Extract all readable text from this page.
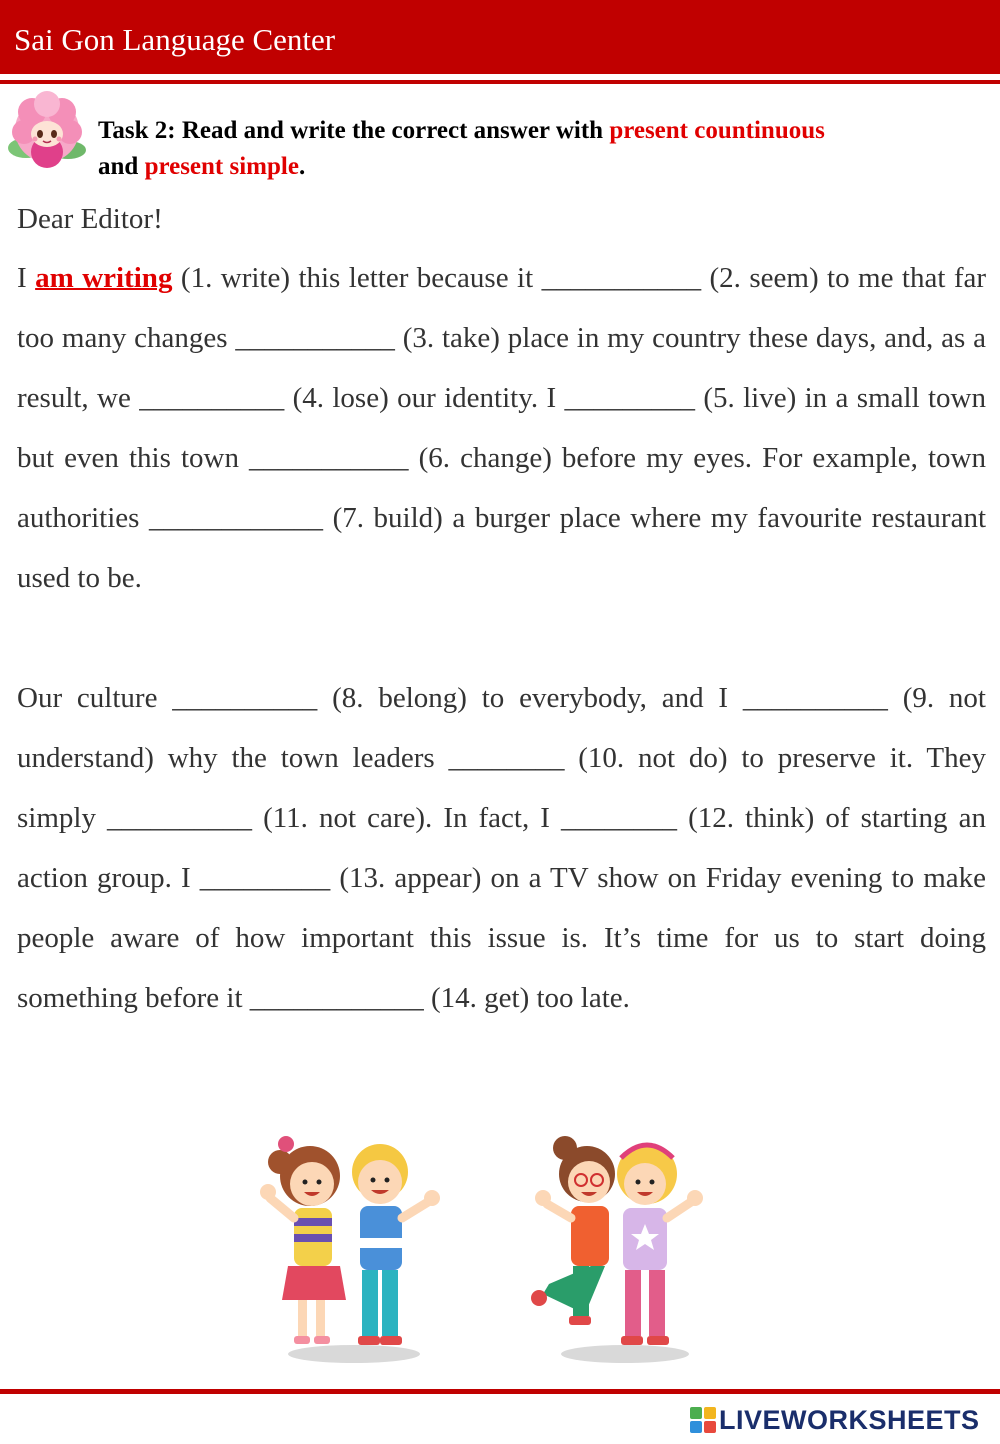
Sai Gon Language Center
Task 2: Read and write the correct answer with present countinuous and present simple.
Dear Editor!
I am writing (1. write) this letter because it ___________ (2. seem) to me that far too many changes ___________ (3. take) place in my country these days, and, as a result, we __________ (4. lose) our identity. I _________ (5. live) in a small town but even this town ___________ (6. change) before my eyes. For example, town authorities ____________ (7. build) a burger place where my favourite restaurant used to be.
Our culture __________ (8. belong) to everybody, and I __________ (9. not understand) why the town leaders ________ (10. not do) to preserve it. They simply __________ (11. not care). In fact, I ________ (12. think) of starting an action group. I _________ (13. appear) on a TV show on Friday evening to make people aware of how important this issue is. It’s time for us to start doing something before it ____________ (14. get) too late.
LIVEWORKSHEETS
